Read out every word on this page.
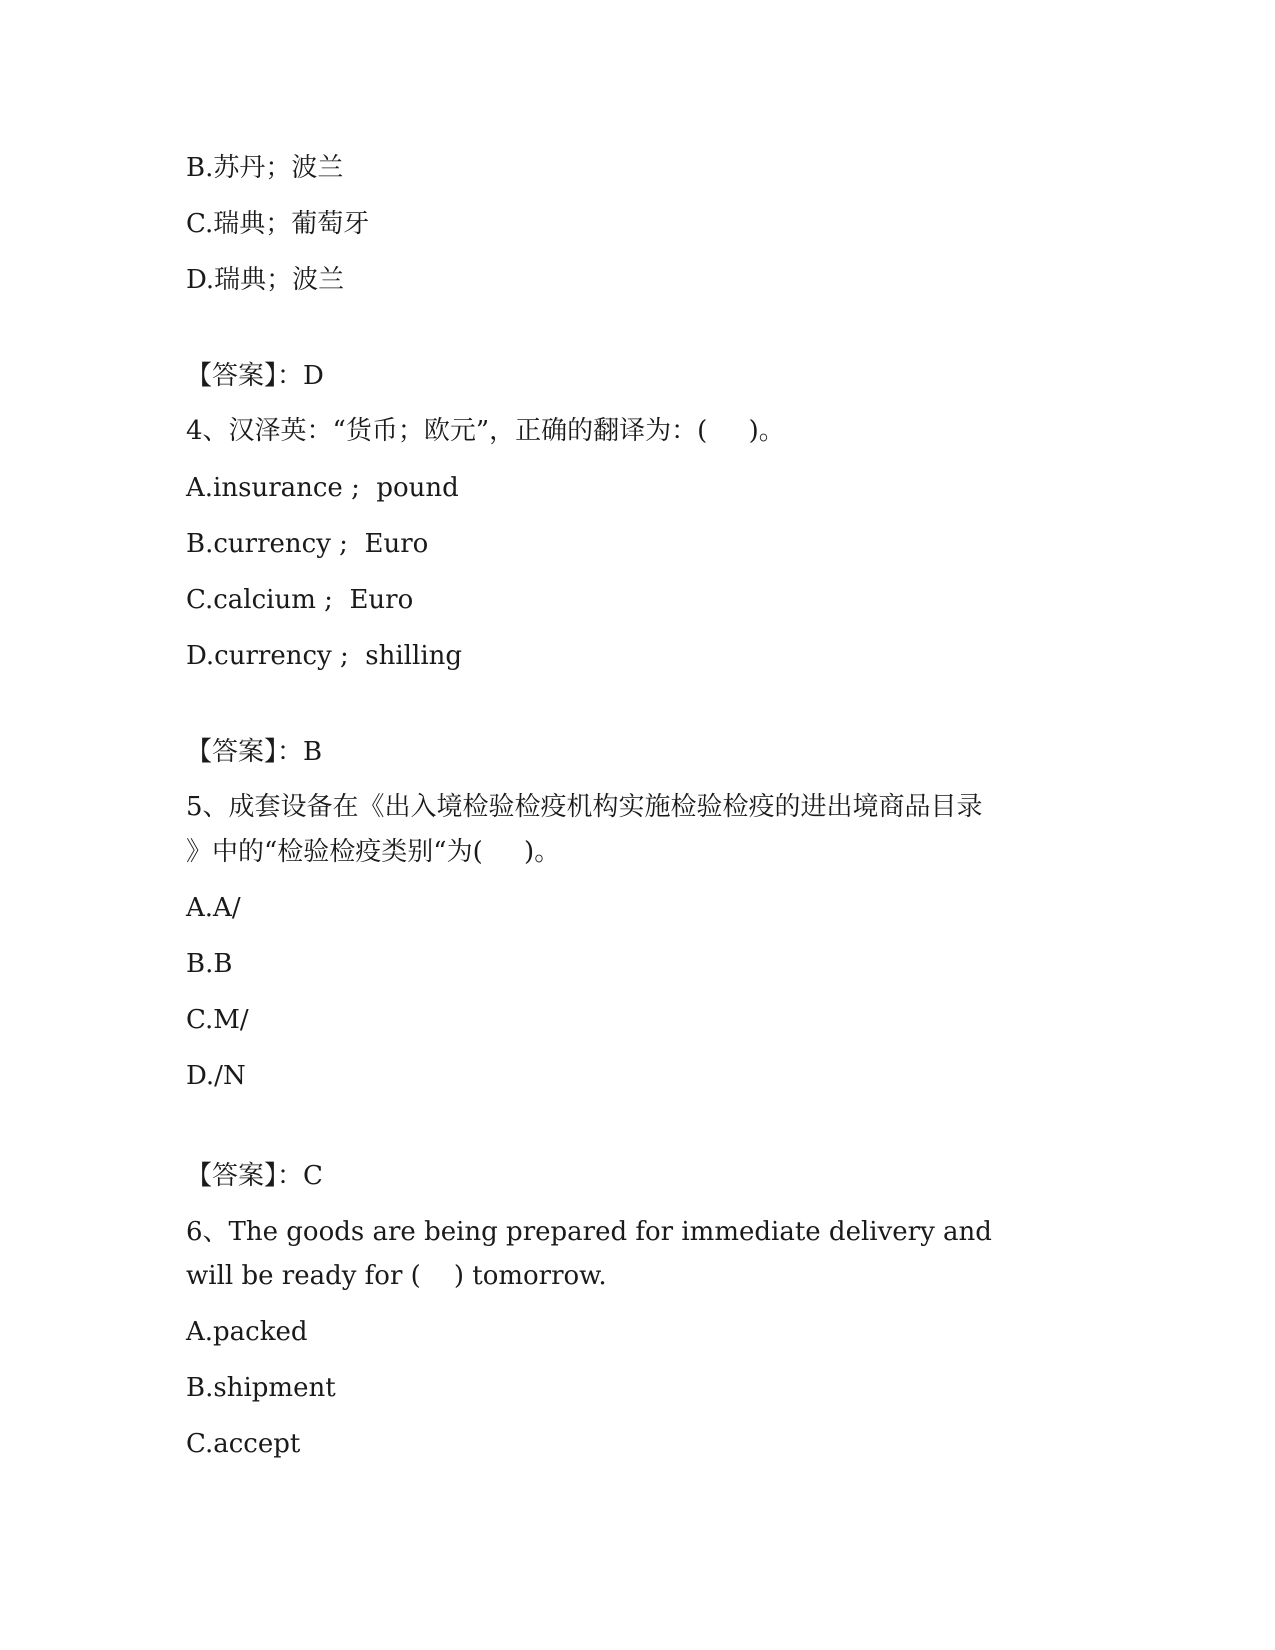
B.苏丹；波兰
C.瑞典；葡萄牙
D.瑞典；波兰
【答案】：D
4、汉泽英：“货币；欧元”，正确的翻译为：(     )。
A.insurance ;  pound
B.currency ;  Euro
C.calcium ;  Euro
D.currency ;  shilling
【答案】：B
5、成套设备在《出入境检验检疫机构实施检验检疫的进出境商品目录
》中的“检验检疫类别“为(     )。
A.A/
B.B
C.M/
D./N
【答案】：C
6、The goods are being prepared for immediate delivery and
will be ready for (    ) tomorrow.
A.packed
B.shipment
C.accept
